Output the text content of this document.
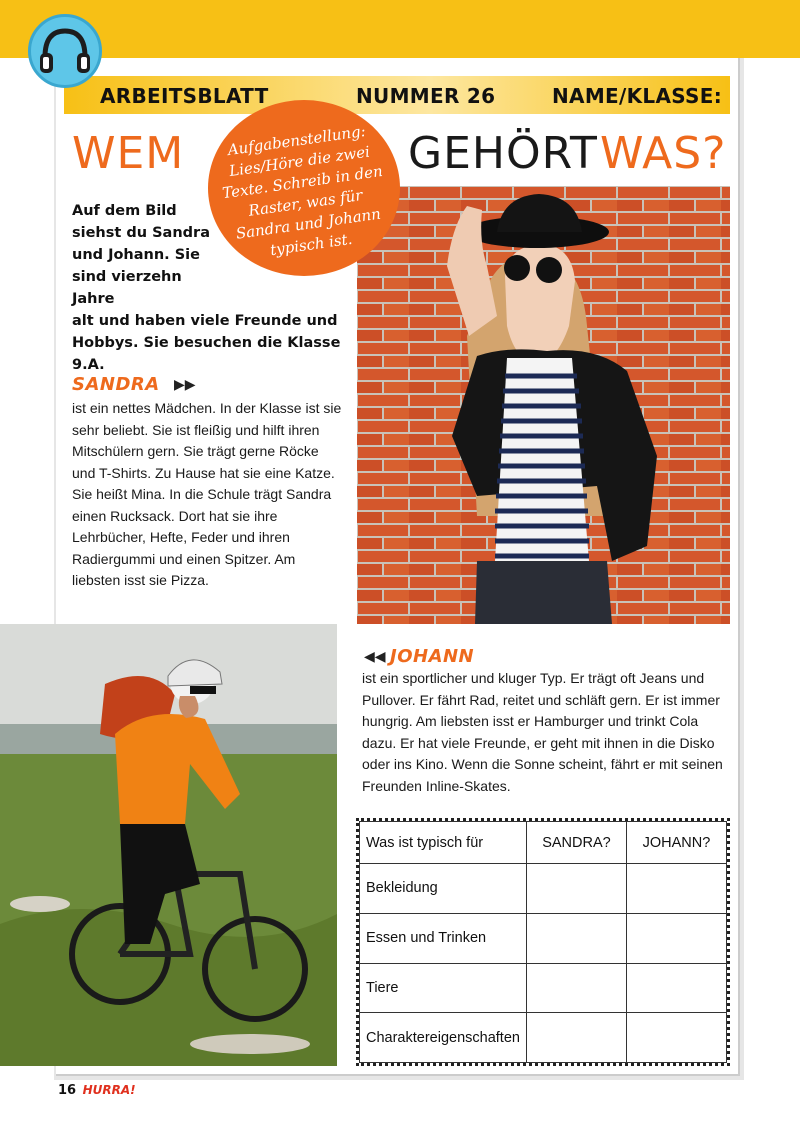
ARBEITSBLATT	NUMMER 26	NAME/KLASSE:
WEM	GEHÖRT WAS?
Aufgabenstellung: Lies/Höre die zwei Texte. Schreib in den Raster, was für Sandra und Johann typisch ist.
Auf dem Bild siehst du Sandra und Johann. Sie sind vierzehn Jahre
alt und haben viele Freunde und Hobbys. Sie besuchen die Klasse 9.A.
SANDRA ▶▶
ist ein nettes Mädchen. In der Klasse ist sie sehr beliebt. Sie ist fleißig und hilft ihren Mitschülern gern. Sie trägt gerne Röcke und T-Shirts. Zu Hause hat sie eine Katze. Sie heißt Mina. In die Schule trägt Sandra einen Rucksack. Dort hat sie ihre Lehrbücher, Hefte, Feder und ihren Radiergummi und einen Spitzer. Am liebsten isst sie Pizza.
◀◀ JOHANN
ist ein sportlicher und kluger Typ. Er trägt oft Jeans und Pullover. Er fährt Rad, reitet und schläft gern. Er ist immer hungrig. Am liebsten isst er Hamburger und trinkt Cola dazu. Er hat viele Freunde, er geht mit ihnen in die Disko oder ins Kino. Wenn die Sonne scheint, fährt er mit seinen Freunden Inline-Skates.
Was ist typisch für	SANDRA?	JOHANN?
Bekleidung		
Essen und Trinken		
Tiere		
Charaktereigenschaften		
16 HURRA!
